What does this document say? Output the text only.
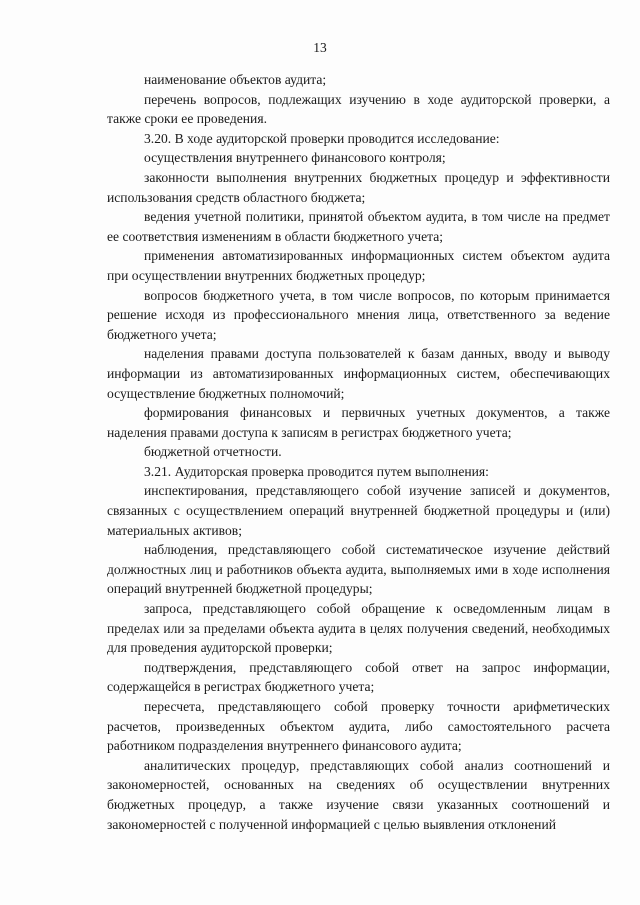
13

наименование объектов аудита;

перечень вопросов, подлежащих изучению в ходе аудиторской проверки, а также сроки ее проведения.

3.20. В ходе аудиторской проверки проводится исследование:

осуществления внутреннего финансового контроля;

законности выполнения внутренних бюджетных процедур и эффективности использования средств областного бюджета;

ведения учетной политики, принятой объектом аудита, в том числе на предмет ее соответствия изменениям в области бюджетного учета;

применения автоматизированных информационных систем объектом аудита при осуществлении внутренних бюджетных процедур;

вопросов бюджетного учета, в том числе вопросов, по которым принимается решение исходя из профессионального мнения лица, ответственного за ведение бюджетного учета;

наделения правами доступа пользователей к базам данных, вводу и выводу информации из автоматизированных информационных систем, обеспечивающих осуществление бюджетных полномочий;

формирования финансовых и первичных учетных документов, а также наделения правами доступа к записям в регистрах бюджетного учета;

бюджетной отчетности.

3.21. Аудиторская проверка проводится путем выполнения:

инспектирования, представляющего собой изучение записей и документов, связанных с осуществлением операций внутренней бюджетной процедуры и (или) материальных активов;

наблюдения, представляющего собой систематическое изучение действий должностных лиц и работников объекта аудита, выполняемых ими в ходе исполнения операций внутренней бюджетной процедуры;

запроса, представляющего собой обращение к осведомленным лицам в пределах или за пределами объекта аудита в целях получения сведений, необходимых для проведения аудиторской проверки;

подтверждения, представляющего собой ответ на запрос информации, содержащейся в регистрах бюджетного учета;

пересчета, представляющего собой проверку точности арифметических расчетов, произведенных объектом аудита, либо самостоятельного расчета работником подразделения внутреннего финансового аудита;

аналитических процедур, представляющих собой анализ соотношений и закономерностей, основанных на сведениях об осуществлении внутренних бюджетных процедур, а также изучение связи указанных соотношений и закономерностей с полученной информацией с целью выявления отклонений
